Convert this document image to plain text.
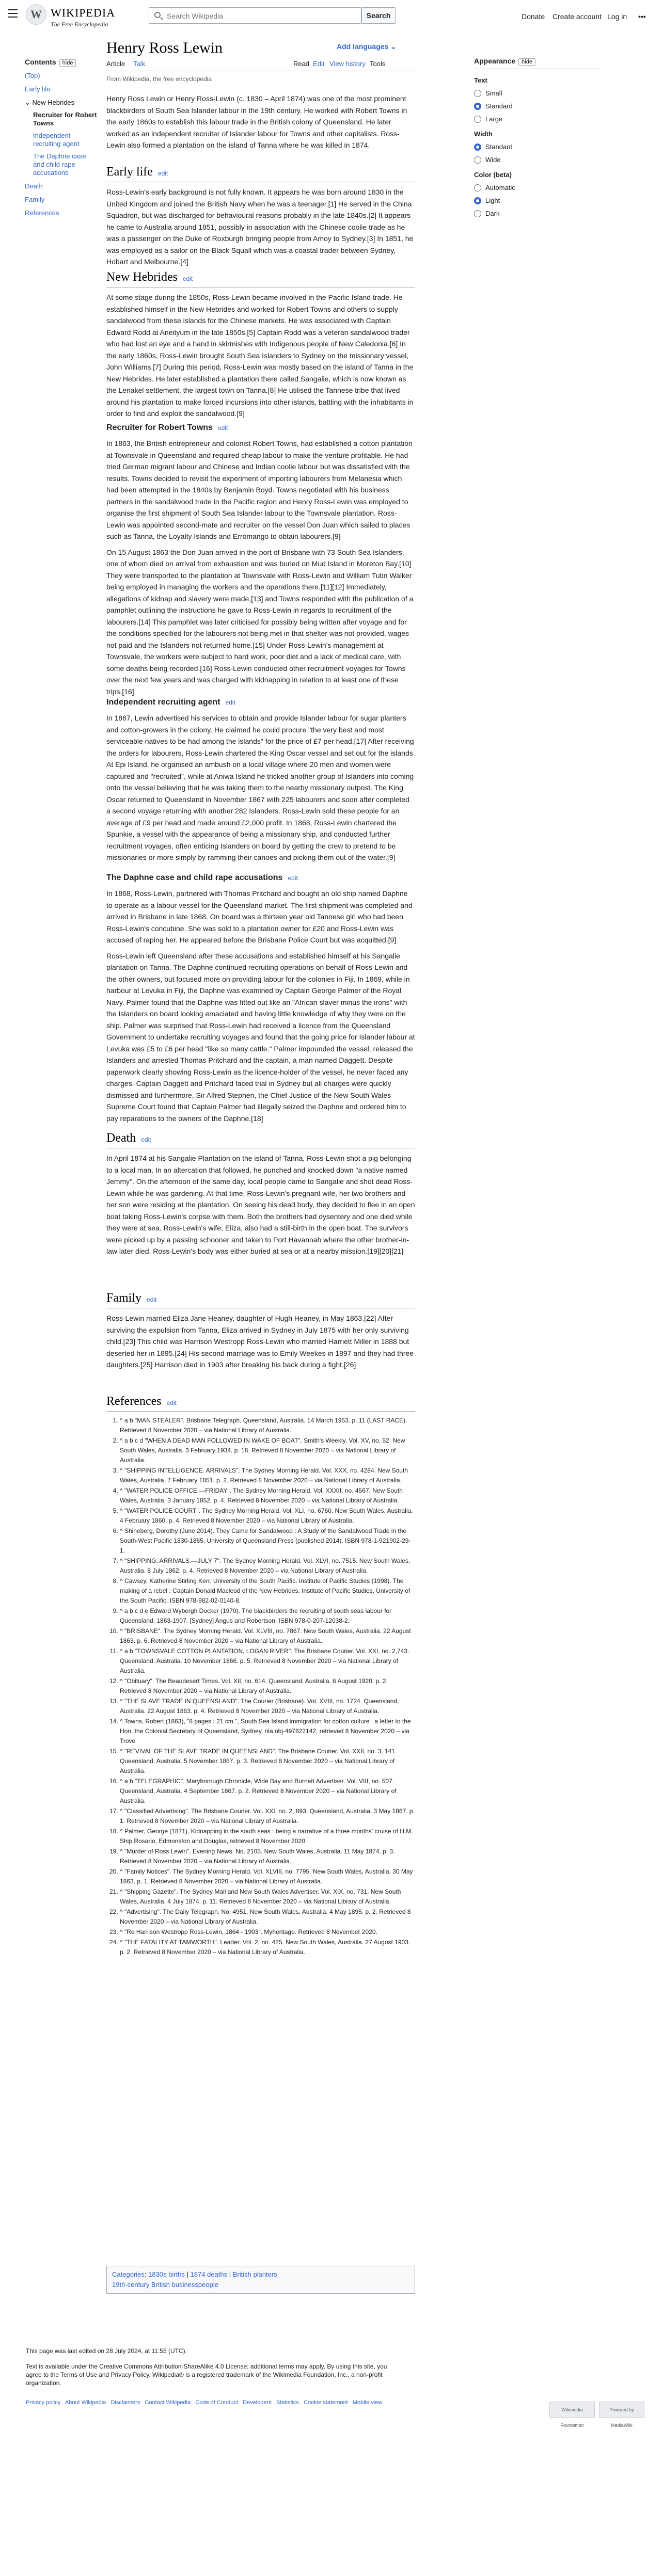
W WIKIPEDIA
The Free Encyclopedia
Search Wikipedia
Search	Donate Create account Log in •••
Contents hide
(Top)
Early life
⌄ New Hebrides
Recruiter for Robert Towns
Independent recruiting agent
The Daphne case and child rape accusations
Death
Family
References
Henry Ross Lewin	Add languages ⌄
Article Talk	Read Edit View history Tools
From Wikipedia, the free encyclopedia
Appearance hide
Text
Small
Standard
Large
Width
Standard
Wide
Color (beta)
Automatic
Light
Dark

Henry Ross Lewin or Henry Ross-Lewin (c. 1830 – April 1874) was one of the most prominent blackbirders of South Sea Islander labour in the 19th century. He worked with Robert Towns in the early 1860s to establish this labour trade in the British colony of Queensland. He later worked as an independent recruiter of Islander labour for Towns and other capitalists. Ross-Lewin also formed a plantation on the island of Tanna where he was killed in 1874.

Early life edit

Ross-Lewin's early background is not fully known. It appears he was born around 1830 in the United Kingdom and joined the British Navy when he was a teenager.[1] He served in the China Squadron, but was discharged for behavioural reasons probably in the late 1840s.[2] It appears he came to Australia around 1851, possibly in association with the Chinese coolie trade as he was a passenger on the Duke of Roxburgh bringing people from Amoy to Sydney.[3] In 1851, he was employed as a sailor on the Black Squall which was a coastal trader between Sydney, Hobart and Melbourne.[4]

New Hebrides edit

At some stage during the 1850s, Ross-Lewin became involved in the Pacific Island trade. He established himself in the New Hebrides and worked for Robert Towns and others to supply sandalwood from these islands for the Chinese markets. He was associated with Captain Edward Rodd at Aneityum in the late 1850s.[5] Captain Rodd was a veteran sandalwood trader who had lost an eye and a hand in skirmishes with Indigenous people of New Caledonia.[6] In the early 1860s, Ross-Lewin brought South Sea Islanders to Sydney on the missionary vessel, John Williams.[7] During this period, Ross-Lewin was mostly based on the island of Tanna in the New Hebrides. He later established a plantation there called Sangalie, which is now known as the Lenakel settlement, the largest town on Tanna.[8] He utilised the Tannese tribe that lived around his plantation to make forced incursions into other islands, battling with the inhabitants in order to find and exploit the sandalwood.[9]

Recruiter for Robert Towns edit

In 1863, the British entrepreneur and colonist Robert Towns, had established a cotton plantation at Townsvale in Queensland and required cheap labour to make the venture profitable. He had tried German migrant labour and Chinese and Indian coolie labour but was dissatisfied with the results. Towns decided to revisit the experiment of importing labourers from Melanesia which had been attempted in the 1840s by Benjamin Boyd. Towns negotiated with his business partners in the sandalwood trade in the Pacific region and Henry Ross-Lewin was employed to organise the first shipment of South Sea Islander labour to the Townsvale plantation. Ross-Lewin was appointed second-mate and recruiter on the vessel Don Juan which sailed to places such as Tanna, the Loyalty Islands and Erromango to obtain labourers.[9]

On 15 August 1863 the Don Juan arrived in the port of Brisbane with 73 South Sea Islanders, one of whom died on arrival from exhaustion and was buried on Mud Island in Moreton Bay.[10] They were transported to the plantation at Townsvale with Ross-Lewin and William Tutin Walker being employed in managing the workers and the operations there.[11][12] Immediately, allegations of kidnap and slavery were made,[13] and Towns responded with the publication of a pamphlet outlining the instructions he gave to Ross-Lewin in regards to recruitment of the labourers.[14] This pamphlet was later criticised for possibly being written after voyage and for the conditions specified for the labourers not being met in that shelter was not provided, wages not paid and the Islanders not returned home.[15] Under Ross-Lewin's management at Townsvale, the workers were subject to hard work, poor diet and a lack of medical care, with some deaths being recorded.[16] Ross-Lewin conducted other recruitment voyages for Towns over the next few years and was charged with kidnapping in relation to at least one of these trips.[16]

Independent recruiting agent edit

In 1867, Lewin advertised his services to obtain and provide Islander labour for sugar planters and cotton-growers in the colony. He claimed he could procure "the very best and most serviceable natives to be had among the islands" for the price of £7 per head.[17] After receiving the orders for labourers, Ross-Lewin chartered the King Oscar vessel and set out for the islands. At Epi Island, he organised an ambush on a local village where 20 men and women were captured and "recruited", while at Aniwa Island he tricked another group of Islanders into coming onto the vessel believing that he was taking them to the nearby missionary outpost. The King Oscar returned to Queensland in November 1867 with 225 labourers and soon after completed a second voyage returning with another 282 Islanders. Ross-Lewin sold these people for an average of £9 per head and made around £2,000 profit. In 1868, Ross-Lewin chartered the Spunkie, a vessel with the appearance of being a missionary ship, and conducted further recruitment voyages, often enticing Islanders on board by getting the crew to pretend to be missionaries or more simply by ramming their canoes and picking them out of the water.[9]

The Daphne case and child rape accusations edit

In 1868, Ross-Lewin, partnered with Thomas Pritchard and bought an old ship named Daphne to operate as a labour vessel for the Queensland market. The first shipment was completed and arrived in Brisbane in late 1868. On board was a thirteen year old Tannese girl who had been Ross-Lewin's concubine. She was sold to a plantation owner for £20 and Ross-Lewin was accused of raping her. He appeared before the Brisbane Police Court but was acquitted.[9]

Ross-Lewin left Queensland after these accusations and established himself at his Sangalie plantation on Tanna. The Daphne continued recruiting operations on behalf of Ross-Lewin and the other owners, but focused more on providing labour for the colonies in Fiji. In 1869, while in harbour at Levuka in Fiji, the Daphne was examined by Captain George Palmer of the Royal Navy. Palmer found that the Daphne was fitted out like an "African slaver minus the irons" with the Islanders on board looking emaciated and having little knowledge of why they were on the ship. Palmer was surprised that Ross-Lewin had received a licence from the Queensland Government to undertake recruiting voyages and found that the going price for Islander labour at Levuka was £5 to £6 per head "like so many cattle." Palmer impounded the vessel, released the Islanders and arrested Thomas Pritchard and the captain, a man named Daggett. Despite paperwork clearly showing Ross-Lewin as the licence-holder of the vessel, he never faced any charges. Captain Daggett and Pritchard faced trial in Sydney but all charges were quickly dismissed and furthermore, Sir Alfred Stephen, the Chief Justice of the New South Wales Supreme Court found that Captain Palmer had illegally seized the Daphne and ordered him to pay reparations to the owners of the Daphne.[18]

Death edit

In April 1874 at his Sangalie Plantation on the island of Tanna, Ross-Lewin shot a pig belonging to a local man. In an altercation that followed, he punched and knocked down "a native named Jemmy". On the afternoon of the same day, local people came to Sangalie and shot dead Ross-Lewin while he was gardening. At that time, Ross-Lewin's pregnant wife, her two brothers and her son were residing at the plantation. On seeing his dead body, they decided to flee in an open boat taking Ross-Lewin's corpse with them. Both the brothers had dysentery and one died while they were at sea. Ross-Lewin's wife, Eliza, also had a still-birth in the open boat. The survivors were picked up by a passing schooner and taken to Port Havannah where the other brother-in-law later died. Ross-Lewin's body was either buried at sea or at a nearby mission.[19][20][21]

Family edit

Ross-Lewin married Eliza Jane Heaney, daughter of Hugh Heaney, in May 1863.[22] After surviving the expulsion from Tanna, Eliza arrived in Sydney in July 1875 with her only surviving child.[23] This child was Harrison Westropp Ross-Lewin who married Harriett Miller in 1888 but deserted her in 1895.[24] His second marriage was to Emily Weekes in 1897 and they had three daughters.[25] Harrison died in 1903 after breaking his back during a fight.[26]

References edit
1. ^ a b "MAN STEALER". Brisbane Telegraph. Queensland, Australia. 14 March 1953. p. 11 (LAST RACE). Retrieved 8 November 2020 – via National Library of Australia.
2. ^ a b c d "WHEN A DEAD MAN FOLLOWED IN WAKE OF BOAT". Smith's Weekly. Vol. XV, no. 52. New South Wales, Australia. 3 February 1934. p. 18. Retrieved 8 November 2020 – via National Library of Australia.
3. ^ "SHIPPING INTELLIGENCE. ARRIVALS". The Sydney Morning Herald. Vol. XXX, no. 4284. New South Wales, Australia. 7 February 1851. p. 2. Retrieved 8 November 2020 – via National Library of Australia.
4. ^ "WATER POLICE OFFICE.—FRIDAY". The Sydney Morning Herald. Vol. XXXII, no. 4567. New South Wales, Australia. 3 January 1852. p. 4. Retrieved 8 November 2020 – via National Library of Australia.
5. ^ "WATER POLICE COURT". The Sydney Morning Herald. Vol. XLI, no. 6760. New South Wales, Australia. 4 February 1860. p. 4. Retrieved 8 November 2020 – via National Library of Australia.
6. ^ Shineberg, Dorothy (June 2014). They Came for Sandalwood : A Study of the Sandalwood Trade in the South-West Pacific 1830-1865. University of Queensland Press (published 2014). ISBN 978-1-921902-29-1.
7. ^ "SHIPPING. ARRIVALS.—JULY 7". The Sydney Morning Herald. Vol. XLVI, no. 7515. New South Wales, Australia. 8 July 1862. p. 4. Retrieved 8 November 2020 – via National Library of Australia.
8. ^ Cawsey, Katherine Stirling Kerr. University of the South Pacific. Institute of Pacific Studies (1998). The making of a rebel : Captain Donald Macleod of the New Hebrides. Institute of Pacific Studies, University of the South Pacific. ISBN 978-982-02-0140-8.
9. ^ a b c d e Edward Wybergh Docker (1970). The blackbirders the recruiting of south seas labour for Queensland, 1863-1907. [Sydney] Angus and Robertson. ISBN 978-0-207-12038-2.
10. ^ "BRISBANE". The Sydney Morning Herald. Vol. XLVIII, no. 7867. New South Wales, Australia. 22 August 1863. p. 6. Retrieved 8 November 2020 – via National Library of Australia.
11. ^ a b "TOWNSVALE COTTON PLANTATION, LOGAN RIVER". The Brisbane Courier. Vol. XXI, no. 2,743. Queensland, Australia. 10 November 1866. p. 5. Retrieved 8 November 2020 – via National Library of Australia.
12. ^ "Obituary". The Beaudesert Times. Vol. XII, no. 614. Queensland, Australia. 6 August 1920. p. 2. Retrieved 8 November 2020 – via National Library of Australia.
13. ^ "THE SLAVE TRADE IN QUEENSLAND". The Courier (Brisbane). Vol. XVIII, no. 1724. Queensland, Australia. 22 August 1863. p. 4. Retrieved 8 November 2020 – via National Library of Australia.
14. ^ Towns, Robert (1863), "8 pages ; 21 cm.", South Sea Island immigration for cotton culture : a letter to the Hon. the Colonial Secretary of Queensland, Sydney, nla.obj-497822142, retrieved 8 November 2020 – via Trove
15. ^ "REVIVAL OF THE SLAVE TRADE IN QUEENSLAND". The Brisbane Courier. Vol. XXII, no. 3, 141. Queensland, Australia. 5 November 1867. p. 3. Retrieved 8 November 2020 – via National Library of Australia.
16. ^ a b "TELEGRAPHIC". Maryborough Chronicle, Wide Bay and Burnett Advertiser. Vol. VIII, no. 507. Queensland, Australia. 4 September 1867. p. 2. Retrieved 8 November 2020 – via National Library of Australia.
17. ^ "Classified Advertising". The Brisbane Courier. Vol. XXI, no. 2, 893. Queensland, Australia. 3 May 1867. p. 1. Retrieved 8 November 2020 – via National Library of Australia.
18. ^ Palmer, George (1871), Kidnapping in the south seas : being a narrative of a three months' cruise of H.M. Ship Rosario, Edmonston and Douglas, retrieved 8 November 2020
19. ^ "Murder of Ross Lewin". Evening News. No. 2105. New South Wales, Australia. 11 May 1874. p. 3. Retrieved 8 November 2020 – via National Library of Australia.
20. ^ "Family Notices". The Sydney Morning Herald. Vol. XLVIII, no. 7795. New South Wales, Australia. 30 May 1863. p. 1. Retrieved 8 November 2020 – via National Library of Australia.
21. ^ "Shipping Gazette". The Sydney Mail and New South Wales Advertiser. Vol. XIX, no. 731. New South Wales, Australia. 4 July 1874. p. 11. Retrieved 8 November 2020 – via National Library of Australia.
22. ^ "Advertising". The Daily Telegraph. No. 4951. New South Wales, Australia. 4 May 1895. p. 2. Retrieved 8 November 2020 – via National Library of Australia.
23. ^ "Re Harrison Westropp Ross-Lewin, 1864 - 1903". Myheritage. Retrieved 8 November 2020.
24. ^ "THE FATALITY AT TAMWORTH". Leader. Vol. 2, no. 425. New South Wales, Australia. 27 August 1903. p. 2. Retrieved 8 November 2020 – via National Library of Australia.
Categories: 1830s births | 1874 deaths | British planters
19th-century British businesspeople
This page was last edited on 28 July 2024, at 11:55 (UTC).
Text is available under the Creative Commons Attribution-ShareAlike 4.0 License; additional terms may apply. By using this site, you agree to the Terms of Use and Privacy Policy. Wikipedia® is a registered trademark of the Wikimedia Foundation, Inc., a non-profit organization.
Privacy policy About Wikipedia Disclaimers Contact Wikipedia Code of Conduct Developers Statistics Cookie statement Mobile view
Wikimedia Foundation
Powered by MediaWiki
